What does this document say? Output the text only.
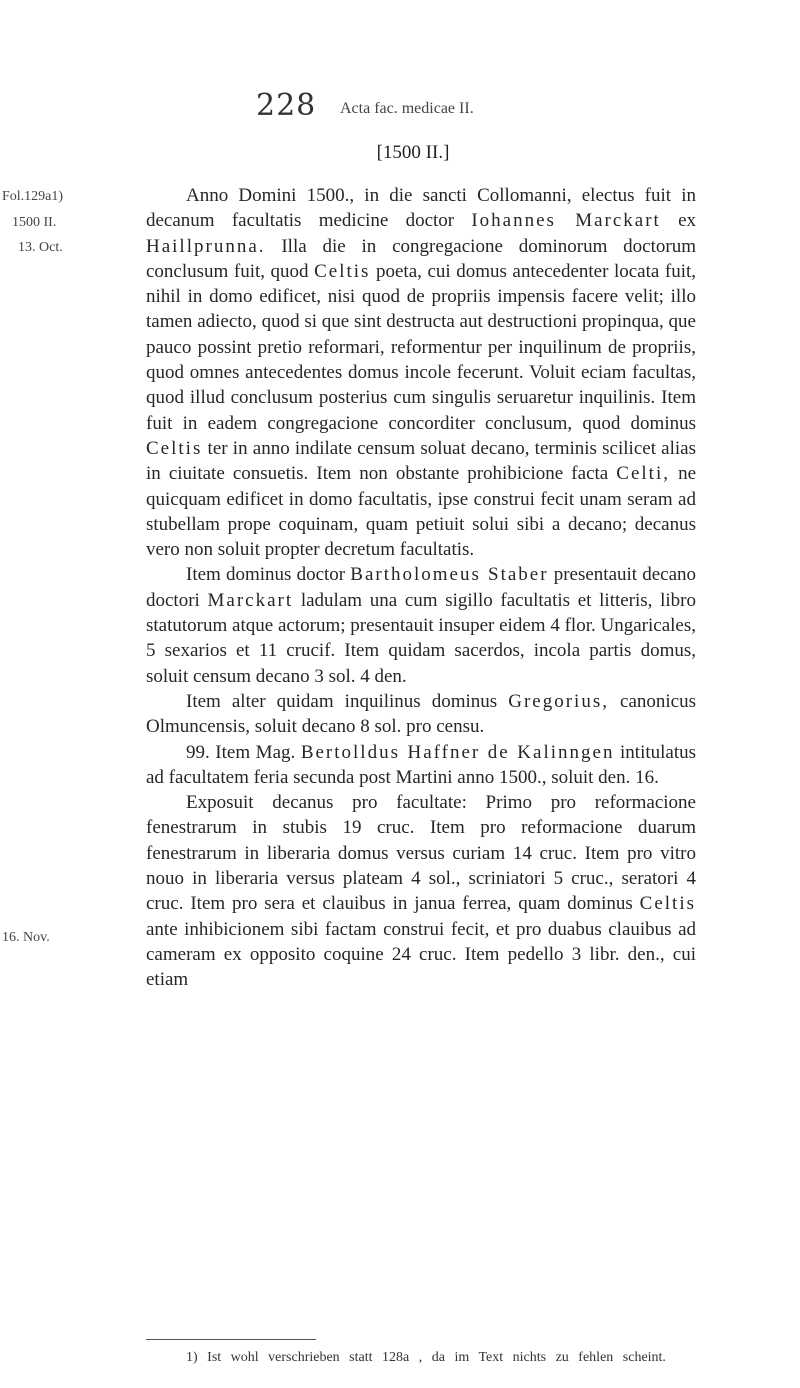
228 Acta fac. medicae II.
[1500 II.]
Fol.129a1)
1500 II.
13. Oct.
16. Nov.

Anno Domini 1500., in die sancti Collomanni, electus fuit in decanum facultatis medicine doctor Iohannes Marckart ex Haillprunna. Illa die in congregacione dominorum doctorum conclusum fuit, quod Celtis poeta, cui domus antecedenter locata fuit, nihil in domo edificet, nisi quod de propriis impensis facere velit; illo tamen adiecto, quod si que sint destructa aut destructioni propinqua, que pauco possint pretio reformari, reformentur per inquilinum de propriis, quod omnes antecedentes domus incole fecerunt. Voluit eciam facultas, quod illud conclusum posterius cum singulis seruaretur inquilinis. Item fuit in eadem congregacione concorditer conclusum, quod dominus Celtis ter in anno indilate censum soluat decano, terminis scilicet alias in ciuitate consuetis. Item non obstante prohibicione facta Celti, ne quicquam edificet in domo facultatis, ipse construi fecit unam seram ad stubellam prope coquinam, quam petiuit solui sibi a decano; decanus vero non soluit propter decretum facultatis.

Item dominus doctor Bartholomeus Staber presentauit decano doctori Marckart ladulam una cum sigillo facultatis et litteris, libro statutorum atque actorum; presentauit insuper eidem 4 flor. Ungaricales, 5 sexarios et 11 crucif. Item quidam sacerdos, incola partis domus, soluit censum decano 3 sol. 4 den.

Item alter quidam inquilinus dominus Gregorius, canonicus Olmuncensis, soluit decano 8 sol. pro censu.

99. Item Mag. Bertolldus Haffner de Kalinngen intitulatus ad facultatem feria secunda post Martini anno 1500., soluit den. 16.

Exposuit decanus pro facultate: Primo pro reformacione fenestrarum in stubis 19 cruc. Item pro reformacione duarum fenestrarum in liberaria domus versus curiam 14 cruc. Item pro vitro nouo in liberaria versus plateam 4 sol., scriniatori 5 cruc., seratori 4 cruc. Item pro sera et clauibus in janua ferrea, quam dominus Celtis ante inhibicionem sibi factam construi fecit, et pro duabus clauibus ad cameram ex opposito coquine 24 cruc. Item pedello 3 libr. den., cui etiam

1) Ist wohl verschrieben statt 128a , da im Text nichts zu fehlen scheint.
